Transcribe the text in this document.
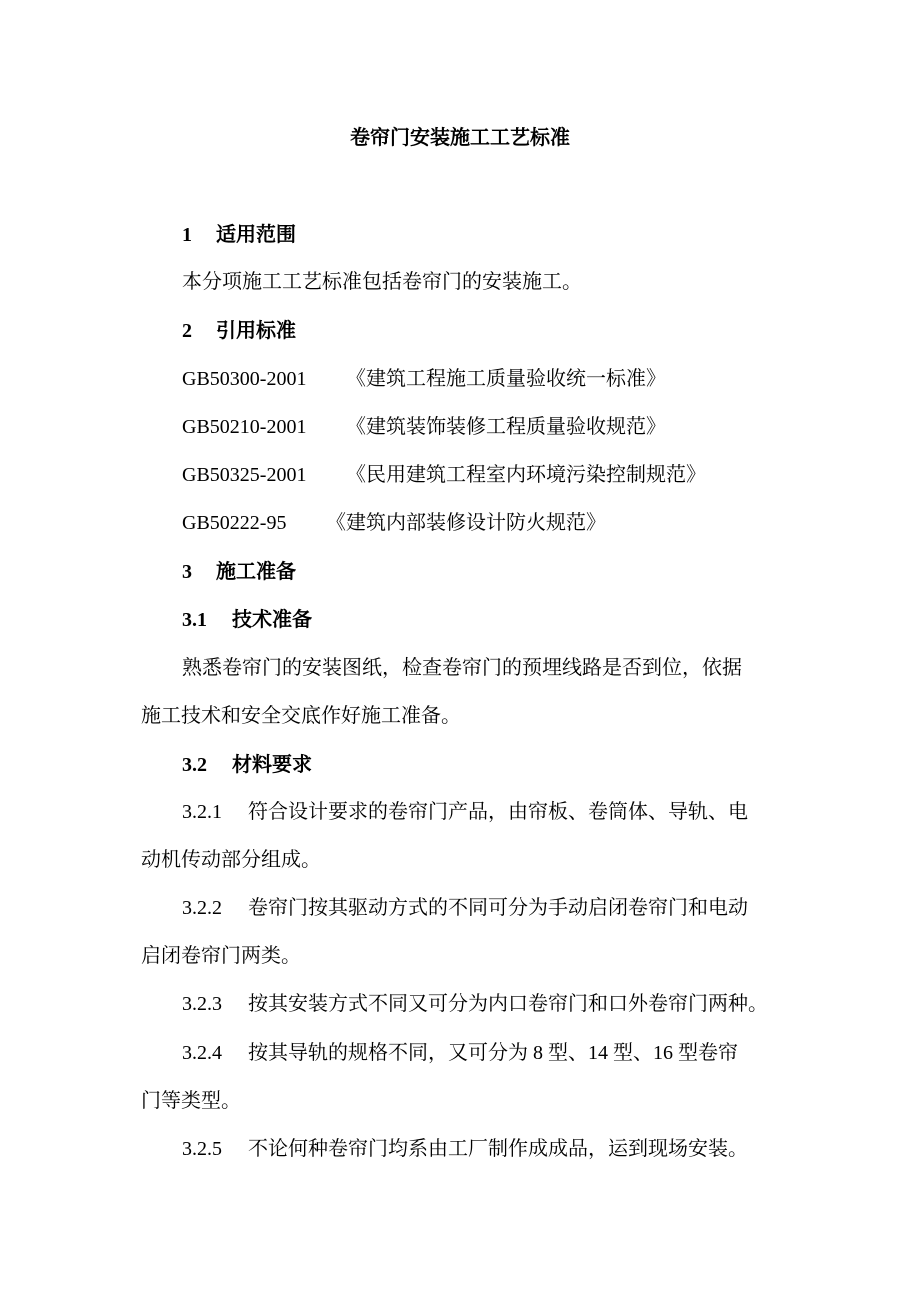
卷帘门安装施工工艺标准
1 适用范围
本分项施工工艺标准包括卷帘门的安装施工。
2 引用标准
GB50300-2001 《建筑工程施工质量验收统一标准》
GB50210-2001 《建筑装饰装修工程质量验收规范》
GB50325-2001 《民用建筑工程室内环境污染控制规范》
GB50222-95 《建筑内部装修设计防火规范》
3 施工准备
3.1 技术准备
熟悉卷帘门的安装图纸，检查卷帘门的预埋线路是否到位，依据
施工技术和安全交底作好施工准备。
3.2 材料要求
3.2.1 符合设计要求的卷帘门产品，由帘板、卷筒体、导轨、电
动机传动部分组成。
3.2.2 卷帘门按其驱动方式的不同可分为手动启闭卷帘门和电动
启闭卷帘门两类。
3.2.3 按其安装方式不同又可分为内口卷帘门和口外卷帘门两种。
3.2.4 按其导轨的规格不同，又可分为 8 型、14 型、16 型卷帘
门等类型。
3.2.5 不论何种卷帘门均系由工厂制作成成品，运到现场安装。
